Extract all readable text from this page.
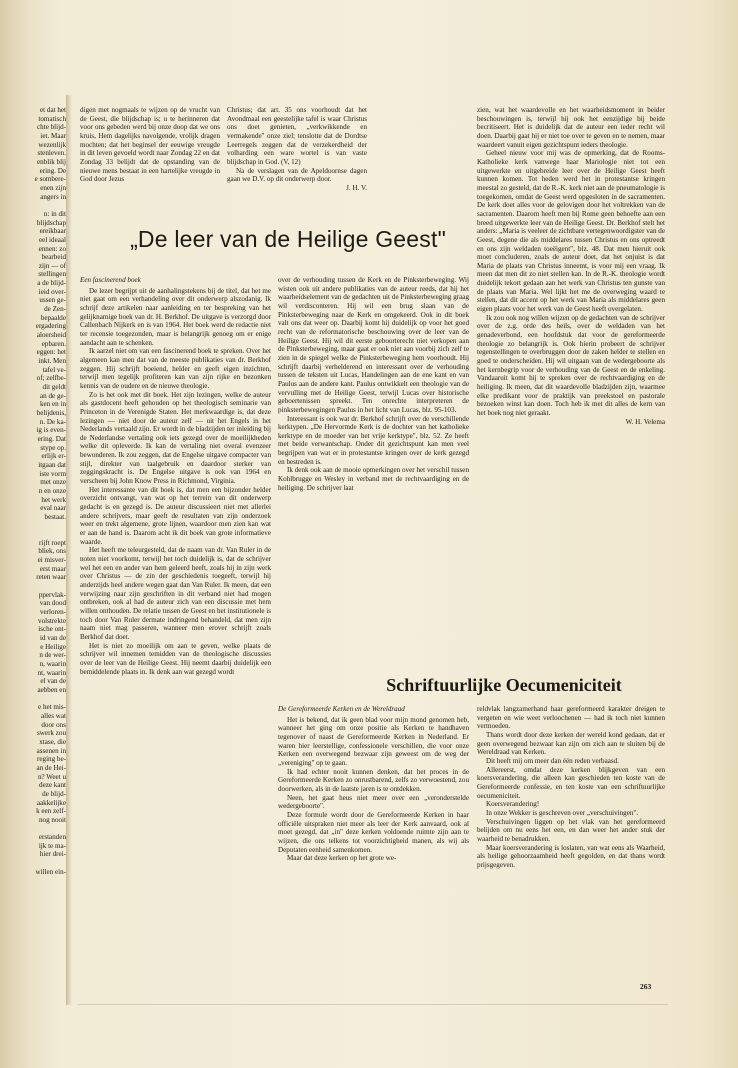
et dat het
tomatisch
chte blijd-
iet. Maar
wezenlijk
stenleven.
enblik blij
ering. De
e sombere-
enen zijn
angers in

n: in dit
blijdschap
ereikbaar
eel ideaal
ennen: zo
bearbeid
zijn — of
stellingen
a de blijd-
ieid over-
ussen ge-
de Zen-
bepaalde
ergadering
aloersheid
epbaren.
eggen: het
inkt. Men
tafel ve-
of; zelfbe-
dit geldt
an de ge-
ken en in
belijdenis,
n. De ka-
ig is even-
ering. Dat
stype op.
erlijk er-
itgaan dat
iste vorm
met onze
n en onze
het werk
eval naar
bestaat.

rijft roept
bliek, ons
ei misver-
erst maar
reten waar

ppervlak-
van dood
verloren-
volstrekte
ische ont-
id van de
e Heilige
n de wer-
n, waarin
nt, waarin
el van de
aebben en

e het mis-
alles wat
door ons
swerk zou
xtase, die
assenen in
reging be-
an de Hei-
n? Weet u
deze kant
de blijd-
aakkelijke
k een zelf-
nog nooit

erstanden
ijk te ma-
hier drei-

willen ein-

digen met nogmaals te wijzen op de vrucht van de Geest, die blijdschap is; u te herinneren dat voor ons gebeden werd bij onze doop dat we ons kruis, Hem dagelijks navolgende, vrolijk dragen mochten; dat het beginsel der eeuwige vreugde in dit leven gevoeld wordt naar Zondag 22 en dat Zondag 33 belijdt dat de opstanding van de nieuwe mens bestaat in een hartelijke vreugde in God door Jezus

Christus; dat art. 35 ons voorhoudt dat het Avondmaal een geestelijke tafel is waar Christus ons doet genieten, „verkwikkende en vermakende" onze ziel; tenslotte dat de Dordtse Leerregels zeggen dat de verzekerdheid der volharding een ware wortel is van vaste blijdschap in God. (V, 12)

Na de verslagen van de Apeldoornse dagen gaan we D.V. op dit onderwerp door.

J. H. V.

zien, wat het waardevolle en het waarheidsmoment in beider beschouwingen is, terwijl hij ook het eenzijdige bij beide becritiseert. Het is duidelijk dat de auteur een ieder recht wil doen. Daarbij gaat hij er niet toe over te geven en te nemen, maar waardeert vanuit eigen gezichtspunt ieders theologie.

Geheel nieuw voor mij was de opmerking, dat de Rooms-Katholieke kerk vanwege haar Mariologie niet tot een uitgewerkte en uitgebreide leer over de Heilige Geest heeft kunnen komen. Tot heden werd het in protestantse kringen meestal zo gesteld, dat de R.-K. kerk niet aan de pneumatologie is toegekomen, omdat de Geest werd opgesloten in de sacramenten. De kerk doet alles voor de gelovigen door het voltrekken van de sacramenten. Daarom heeft men bij Rome geen behoefte aan een breed uitgewerkte leer van de Heilige Geest. Dr. Berkhof stelt het anders: „Maria is veeleer de zichtbare vertegenwoordigster van de Geest, degene die als middelares tussen Christus en ons optreedt en ons zijn weldaden toeëigent", blz. 48. Dat men hieruit ook moet concluderen, zoals de auteur doet, dat het onjuist is dat Maria de plaats van Christus inneemt, is voor mij een vraag. Ik meen dat men dit zo niet stellen kan. In de R.-K. theologie wordt duidelijk tekort gedaan aan het werk van Christus ten gunste van de plaats van Maria. Wel lijkt het me de overweging waard te stellen, dat dit accent op het werk van Maria als middelares geen eigen plaats voor het werk van de Geest heeft overgelaten.

Ik zou ook nog willen wijzen op de gedachten van de schrijver over de z.g. orde des heils, over de weldaden van het genadeverbond, een hoofdstuk dat voor de gereformeerde theologie zo belangrijk is. Ook hierin probeert de schrijver tegenstellingen te overbruggen door de zaken helder te stellen en goed te onderscheiden. Hij wil uitgaan van de wedergeboorte als het kernbegrip voor de verhouding van de Geest en de enkeling. Vandaaruit komt hij te spreken over de rechtvaardiging en de heiliging. Ik meen, dat dit waardevolle bladzijden zijn, waarmee elke predikant voor de praktijk van preekstoel en pastorale bezoeken winst kan doen. Toch heb ik met dit alles de kern van het boek nog niet geraakt.

W. H. Velema

„De leer van de Heilige Geest"

Een fascinerend boek

De lezer begrijpt uit de aanhalingstekens bij de titel, dat het me niet gaat om een verhandeling over dit onderwerp alszodanig. Ik schrijf deze artikelen naar aanleiding en ter bespreking van het gelijknamige boek van dr. H. Berkhof. De uitgave is verzorgd door Callenbach Nijkerk en is van 1964. Het boek werd de redactie niet ter recensie toegezonden, maar is belangrijk genoeg om er enige aandacht aan te schenken.

Ik aarzel niet om van een fascinerend boek te spreken. Over het algemeen kan men dat van de meeste publikaties van dr. Berkhof zeggen. Hij schrijft boeiend, helder en geeft eigen inzichten, terwijl men tegelijk profiteren kan van zijn rijke en bezonken kennis van de oudere en de nieuwe theologie.

Zo is het ook met dit boek. Het zijn lezingen, welke de auteur als gastdocent heeft gehouden op het theologisch seminarie van Princeton in de Verenigde Staten. Het merkwaardige is, dat deze lezingen — niet door de auteur zelf — uit het Engels in het Nederlands vertaald zijn. Er wordt in de bladzijden ter inleiding bij de Nederlandse vertaling ook iets gezegd over de moeilijkheden welke dit opleverde. Ik kan de vertaling niet overal evenzeer bewonderen. Ik zou zeggen, dat de Engelse uitgave compacter van stijl, direkter van taalgebruik en daardoor sterker van zeggingskracht is. De Engelse uitgave is ook van 1964 en verscheen bij John Know Press in Richmond, Virginia.

Het interessante van dit boek is, dat men een bijzonder helder overzicht ontvangt, van wat op het terrein van dit onderwerp gedacht is en gezegd is. De auteur discussieert niet met allerlei andere schrijvers, maar geeft de resultaten van zijn onderzoek weer en trekt algemene, grote lijnen, waardoor men zien kan wat er aan de hand is. Daarom acht ik dit boek van grote informatieve waarde.

Het heeft me teleurgesteld, dat de naam van dr. Van Ruler in de noten niet voorkomt, terwijl het toch duidelijk is, dat de schrijver wel het een en ander van hem geleerd heeft, zoals hij in zijn werk over Christus — de zin der geschiedenis toegeeft, terwijl hij anderzijds heel andere wegen gaat dan Van Ruler. Ik meen, dat een verwijzing naar zijn geschriften in dit verband niet had mogen ontbreken, ook al had de auteur zich van een discussie met hem willen onthouden. De relatie tussen de Geest en het institutionele is toch door Van Ruler dermate indringend behandeld, dat men zijn naam niet mag passeren, wanneer men erover schrijft zoals Berkhof dat doet.

Het is niet zo moeilijk om aan te geven, welke plaats de schrijver wil innemen temidden van de theologische discussies over de leer van de Heilige Geest. Hij neemt daarbij duidelijk een bemiddelende plaats in. Ik denk aan wat gezegd wordt

over de verhouding tussen de Kerk en de Pinksterbeweging. Wij wisten ook uit andere publikaties van de auteur reeds, dat hij het waarheidselement van de gedachten uit de Pinksterbeweging graag wil verdisconteren. Hij wil een brug slaan van de Pinksterbeweging naar de Kerk en omgekeerd. Ook in dit boek valt ons dat weer op. Daarbij komt hij duidelijk op voor het goed recht van de reformatorische beschouwing over de leer van de Heilige Geest. Hij wil dit eerste geboorterecht niet verkopen aan de Pinksterbeweging, maar gaat er ook niet aan voorbij zich zelf te zien in de spiegel welke de Pinksterbeweging hem voorhoudt. Hij schrijft daarbij verhelderend en interessant over de verhouding tussen de teksten uit Lucas, Handelingen aan de ene kant en van Paulus aan de andere kant. Paulus ontwikkelt een theologie van de vervulling met de Heilige Geest, terwijl Lucas over historische geboertenissen spreekt. Ten onrechte interpreteren de pinksterbewegingen Paulus in het licht van Lucas, blz. 95-103.

Interessant is ook wat dr. Berkhof schrijft over de verschillende kerktypen. „De Hervormde Kerk is de dochter van het katholieke kerktype en de moeder van het vrije kerktype", blz. 52. Ze heeft met beide verwantschap. Onder dit gezichtspunt kan men veel begrijpen van wat er in protestantse kringen over de kerk gezegd en bestreden is.

Ik denk ook aan de mooie opmerkingen over het verschil tussen Kohlbrugge en Wesley in verband met de rechtvaardiging en de heiliging. De schrijver laat

Schriftuurlijke Oecumeniciteit

De Gereformeerde Kerken en de Wereldraad

Het is bekend, dat ik geen blad voor mijn mond genomen heb, wanneer het ging om onze positie als Kerken te handhaven tegenover of naast de Gereformeerde Kerken in Nederland. Er waren hier leerstellige, confessionele verschillen, die voor onze Kerken een overwegend bezwaar zijn geweest om de weg der „vereniging" op te gaan.

Ik had echter nooit kunnen denken, dat het proces in de Gereformeerde Kerken zo onrustbarend, zelfs zo verwoestend, zou doorwerken, als in de laatste jaren is te ontdekken.

Neen, het gaat heus niet meer over een „veronderstelde wedergeboorte".

Deze formule wordt door de Gereformeerde Kerken in haar officiële uitspraken niet meer als leer der Kerk aanvaard, ook al moet gezegd, dat „in" deze kerken voldoende ruimte zijn aan te wijzen, die ons telkens tot voorzichtigheid manen, als wij als Deputaten eenheid samenkomen.

Maar dat deze kerken op het grote we-

reldvlak langzamerhand haar gereformeerd karakter dreigen te vergeten en wie weet verloochenen — had ik toch niet kunnen vermoeden.

Thans wordt door deze kerken der wereld kond gedaan, dat er geen overwegend bezwaar kan zijn om zich aan te sluiten bij de Wereldraad van Kerken.

Dit heeft mij om meer dan één reden verbaasd.

Allereerst, omdat deze kerken blijkgeven van een koersverandering, die alleen kan geschieden ten koste van de Gereformeerde confessie, en ten koste van een schriftuurlijke oecumeniciteit.

Koersverandering!

In onze Wekker is geschreven over „verschuivingen".

Verschuivingen liggen op het vlak van het gereformeerd belijden om nu eens het een, en dan weer het ander stuk der waarheid te benadrukken.

Maar koersverandering is loslaten, van wat eens als Waarheid, als heilige gehoorzaamheid heeft gegolden, en dat thans wordt prijsgegeven.

263
